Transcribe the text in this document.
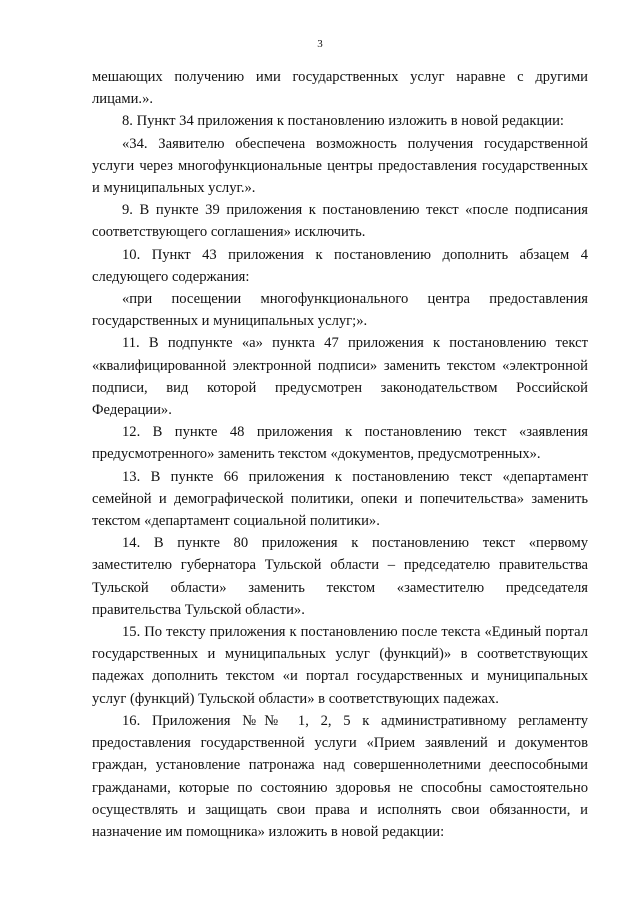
3

мешающих получению ими государственных услуг наравне с другими лицами.».

8. Пункт 34 приложения к постановлению изложить в новой редакции:

«34. Заявителю обеспечена возможность получения государственной услуги через многофункциональные центры предоставления государственных и муниципальных услуг.».

9. В пункте 39 приложения к постановлению текст «после подписания соответствующего соглашения» исключить.

10. Пункт 43 приложения к постановлению дополнить абзацем 4 следующего содержания:

«при посещении многофункционального центра предоставления государственных и муниципальных услуг;».

11. В подпункте «а» пункта 47 приложения к постановлению текст «квалифицированной электронной подписи» заменить текстом «электронной подписи, вид которой предусмотрен законодательством Российской Федерации».

12. В пункте 48 приложения к постановлению текст «заявления предусмотренного» заменить текстом «документов, предусмотренных».

13. В пункте 66 приложения к постановлению текст «департамент семейной и демографической политики, опеки и попечительства» заменить текстом «департамент социальной политики».

14. В пункте 80 приложения к постановлению текст «первому заместителю губернатора Тульской области – председателю правительства Тульской области» заменить текстом «заместителю председателя правительства Тульской области».

15. По тексту приложения к постановлению после текста «Единый портал государственных и муниципальных услуг (функций)» в соответствующих падежах дополнить текстом «и портал государственных и муниципальных услуг (функций) Тульской области» в соответствующих падежах.

16. Приложения №№ 1, 2, 5 к административному регламенту предоставления государственной услуги «Прием заявлений и документов граждан, установление патронажа над совершеннолетними дееспособными гражданами, которые по состоянию здоровья не способны самостоятельно осуществлять и защищать свои права и исполнять свои обязанности, и назначение им помощника» изложить в новой редакции:
